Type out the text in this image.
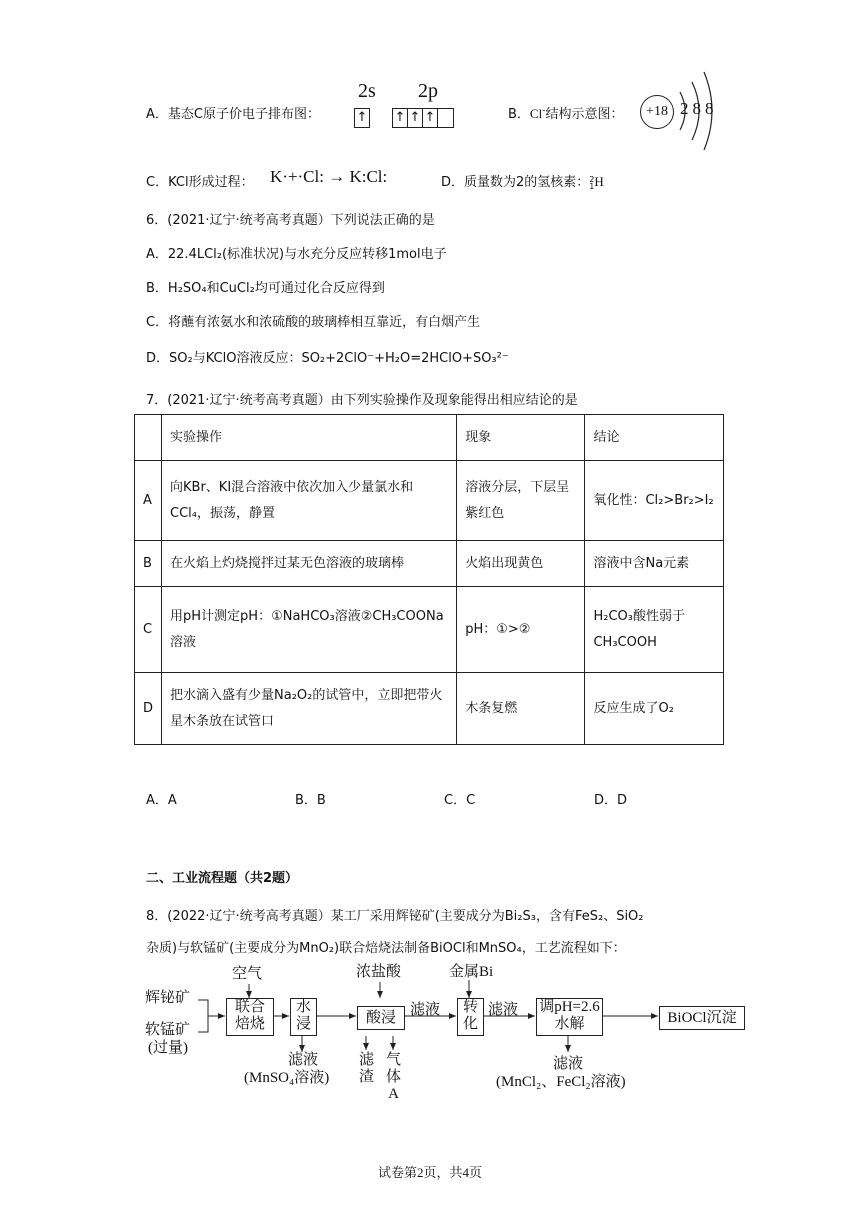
A．基态C原子价电子排布图：
2s 2p
↑ ↑ ↑ ↑	B．Cl-结构示意图：	+18 288
C．KCl形成过程： K·+·Cl: → K:Cl:	D．质量数为2的氢核素：2
1H
6．(2021·辽宁·统考高考真题）下列说法正确的是
A．22.4LCl₂(标准状况)与水充分反应转移1mol电子
B．H₂SO₄和CuCl₂均可通过化合反应得到
C．将蘸有浓氨水和浓硫酸的玻璃棒相互靠近，有白烟产生
D．SO₂与KClO溶液反应：SO₂+2ClO⁻+H₂O=2HClO+SO₃²⁻
7．(2021·辽宁·统考高考真题）由下列实验操作及现象能得出相应结论的是
	实验操作	现象	结论
A	向KBr、KI混合溶液中依次加入少量氯水和CCl₄，振荡，静置	溶液分层，下层呈紫红色	氧化性：Cl₂>Br₂>I₂
B	在火焰上灼烧搅拌过某无色溶液的玻璃棒	火焰出现黄色	溶液中含Na元素
C	用pH计测定pH：①NaHCO₃溶液②CH₃COONa溶液	pH：①>②	H₂CO₃酸性弱于CH₃COOH
D	把水滴入盛有少量Na₂O₂的试管中，立即把带火星木条放在试管口	木条复燃	反应生成了O₂
A．A	B．B	C．C	D．D
二、工业流程题（共2题）
8．(2022·辽宁·统考高考真题）某工厂采用辉铋矿(主要成分为Bi₂S₃，含有FeS₂、SiO₂
杂质)与软锰矿(主要成分为MnO₂)联合焙烧法制备BiOCl和MnSO₄，工艺流程如下：
辉铋矿
软锰矿
(过量)
空气
联合焙烧
水浸
滤液
(MnSO₄溶液)
浓盐酸
酸浸
滤渣
气体A
滤液
金属Bi
转化
滤液 调pH=2.6
水解
滤液
(MnCl₂、FeCl₂溶液)
BiOCl沉淀
试卷第2页，共4页
